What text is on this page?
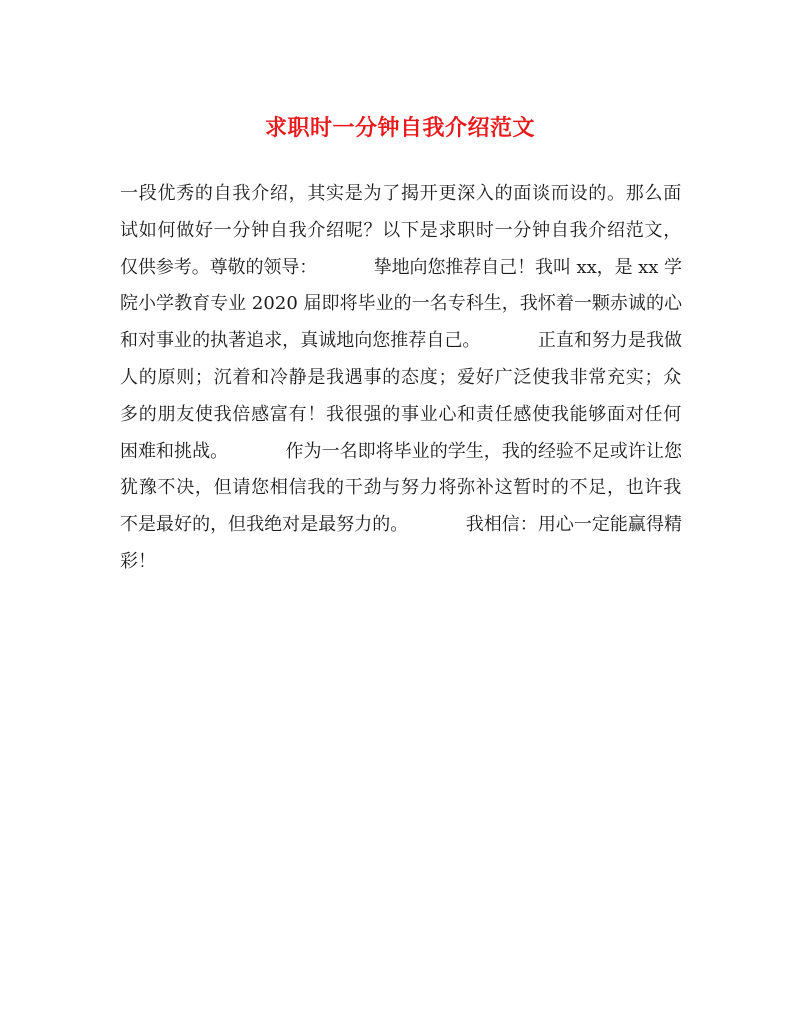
求职时一分钟自我介绍范文
一段优秀的自我介绍，其实是为了揭开更深入的面谈而设的。那么面
试如何做好一分钟自我介绍呢？以下是求职时一分钟自我介绍范文，
仅供参考。尊敬的领导：          挚地向您推荐自己！我叫 xx，是 xx 学
院小学教育专业 2020 届即将毕业的一名专科生，我怀着一颗赤诚的心
和对事业的执著追求，真诚地向您推荐自己。          正直和努力是我做
人的原则；沉着和冷静是我遇事的态度；爱好广泛使我非常充实；众
多的朋友使我倍感富有！我很强的事业心和责任感使我能够面对任何
困难和挑战。          作为一名即将毕业的学生，我的经验不足或许让您
犹豫不决，但请您相信我的干劲与努力将弥补这暂时的不足，也许我
不是最好的，但我绝对是最努力的。          我相信：用心一定能赢得精
彩！
